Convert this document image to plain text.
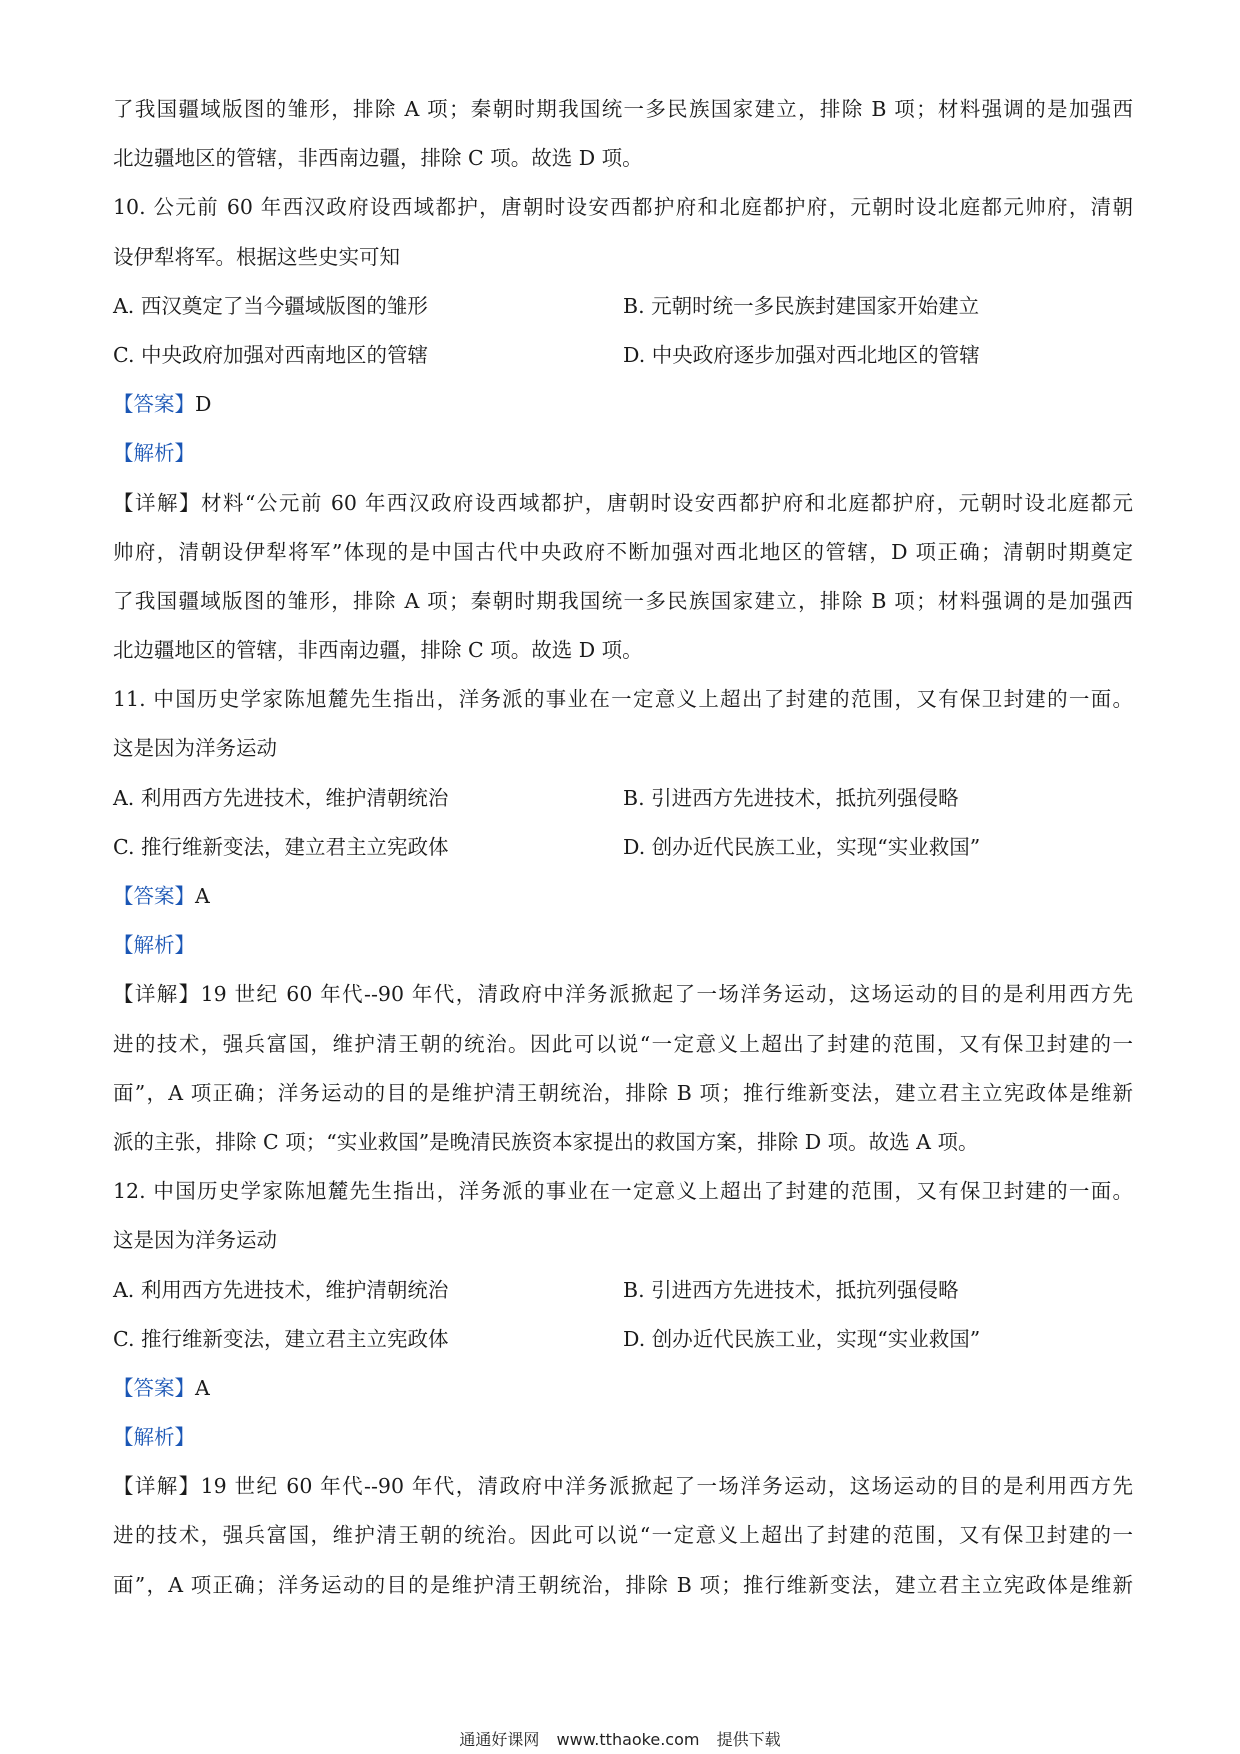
了我国疆域版图的雏形，排除 A 项；秦朝时期我国统一多民族国家建立，排除 B 项；材料强调的是加强西
北边疆地区的管辖，非西南边疆，排除 C 项。故选 D 项。
10. 公元前 60 年西汉政府设西域都护，唐朝时设安西都护府和北庭都护府，元朝时设北庭都元帅府，清朝
设伊犁将军。根据这些史实可知
A. 西汉奠定了当今疆域版图的雏形	B. 元朝时统一多民族封建国家开始建立
C. 中央政府加强对西南地区的管辖	D. 中央政府逐步加强对西北地区的管辖
【答案】D
【解析】
【详解】材料“公元前 60 年西汉政府设西域都护，唐朝时设安西都护府和北庭都护府，元朝时设北庭都元
帅府，清朝设伊犁将军”体现的是中国古代中央政府不断加强对西北地区的管辖，D 项正确；清朝时期奠定
了我国疆域版图的雏形，排除 A 项；秦朝时期我国统一多民族国家建立，排除 B 项；材料强调的是加强西
北边疆地区的管辖，非西南边疆，排除 C 项。故选 D 项。
11. 中国历史学家陈旭麓先生指出，洋务派的事业在一定意义上超出了封建的范围，又有保卫封建的一面。
这是因为洋务运动
A. 利用西方先进技术，维护清朝统治	B. 引进西方先进技术，抵抗列强侵略
C. 推行维新变法，建立君主立宪政体	D. 创办近代民族工业，实现“实业救国”
【答案】A
【解析】
【详解】19 世纪 60 年代--90 年代，清政府中洋务派掀起了一场洋务运动，这场运动的目的是利用西方先
进的技术，强兵富国，维护清王朝的统治。因此可以说“一定意义上超出了封建的范围，又有保卫封建的一
面”，A 项正确；洋务运动的目的是维护清王朝统治，排除 B 项；推行维新变法，建立君主立宪政体是维新
派的主张，排除 C 项；“实业救国”是晚清民族资本家提出的救国方案，排除 D 项。故选 A 项。
12. 中国历史学家陈旭麓先生指出，洋务派的事业在一定意义上超出了封建的范围，又有保卫封建的一面。
这是因为洋务运动
A. 利用西方先进技术，维护清朝统治	B. 引进西方先进技术，抵抗列强侵略
C. 推行维新变法，建立君主立宪政体	D. 创办近代民族工业，实现“实业救国”
【答案】A
【解析】
【详解】19 世纪 60 年代--90 年代，清政府中洋务派掀起了一场洋务运动，这场运动的目的是利用西方先
进的技术，强兵富国，维护清王朝的统治。因此可以说“一定意义上超出了封建的范围，又有保卫封建的一
面”，A 项正确；洋务运动的目的是维护清王朝统治，排除 B 项；推行维新变法，建立君主立宪政体是维新
通通好课网 www.tthaoke.com 提供下载
